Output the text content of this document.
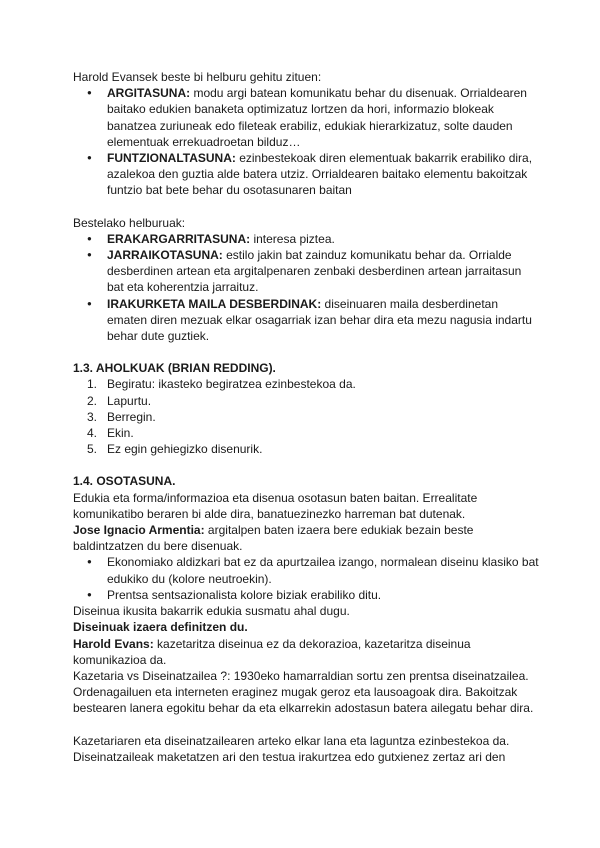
Harold Evansek beste bi helburu gehitu zituen:
● ARGITASUNA: modu argi batean komunikatu behar du disenuak. Orrialdearen baitako edukien banaketa optimizatuz lortzen da hori, informazio blokeak banatzea zuriuneak edo fileteak erabiliz, edukiak hierarkizatuz, solte dauden elementuak errekuadroetan bilduz…
● FUNTZIONALTASUNA: ezinbestekoak diren elementuak bakarrik erabiliko dira, azalekoa den guztia alde batera utziz. Orrialdearen baitako elementu bakoitzak funtzio bat bete behar du osotasunaren baitan
Bestelako helburuak:
● ERAKARGARRITASUNA: interesa piztea.
● JARRAIKOTASUNA: estilo jakin bat zainduz komunikatu behar da. Orrialde desberdinen artean eta argitalpenaren zenbaki desberdinen artean jarraitasun bat eta koherentzia jarraituz.
● IRAKURKETA MAILA DESBERDINAK: diseinuaren maila desberdinetan ematen diren mezuak elkar osagarriak izan behar dira eta mezu nagusia indartu behar dute guztiek.
1.3. AHOLKUAK (BRIAN REDDING).
1. Begiratu: ikasteko begiratzea ezinbestekoa da.
2. Lapurtu.
3. Berregin.
4. Ekin.
5. Ez egin gehiegizko disenurik.
1.4. OSOTASUNA.
Edukia eta forma/informazioa eta disenua osotasun baten baitan. Errealitate komunikatibo beraren bi alde dira, banatuezinezko harreman bat dutenak.
Jose Ignacio Armentia: argitalpen baten izaera bere edukiak bezain beste baldintzatzen du bere disenuak.
● Ekonomiako aldizkari bat ez da apurtzailea izango, normalean diseinu klasiko bat edukiko du (kolore neutroekin).
● Prentsa sentsazionalista kolore biziak erabiliko ditu.
Diseinua ikusita bakarrik edukia susmatu ahal dugu.
Diseinuak izaera definitzen du.
Harold Evans: kazetaritza diseinua ez da dekorazioa, kazetaritza diseinua komunikazioa da.
Kazetaria vs Diseinatzailea ?: 1930eko hamarraldian sortu zen prentsa diseinatzailea. Ordenagailuen eta interneten eraginez mugak geroz eta lausoagoak dira. Bakoitzak bestearen lanera egokitu behar da eta elkarrekin adostasun batera ailegatu behar dira.
Kazetariaren eta diseinatzailearen arteko elkar lana eta laguntza ezinbestekoa da. Diseinatzaileak maketatzen ari den testua irakurtzea edo gutxienez zertaz ari den
